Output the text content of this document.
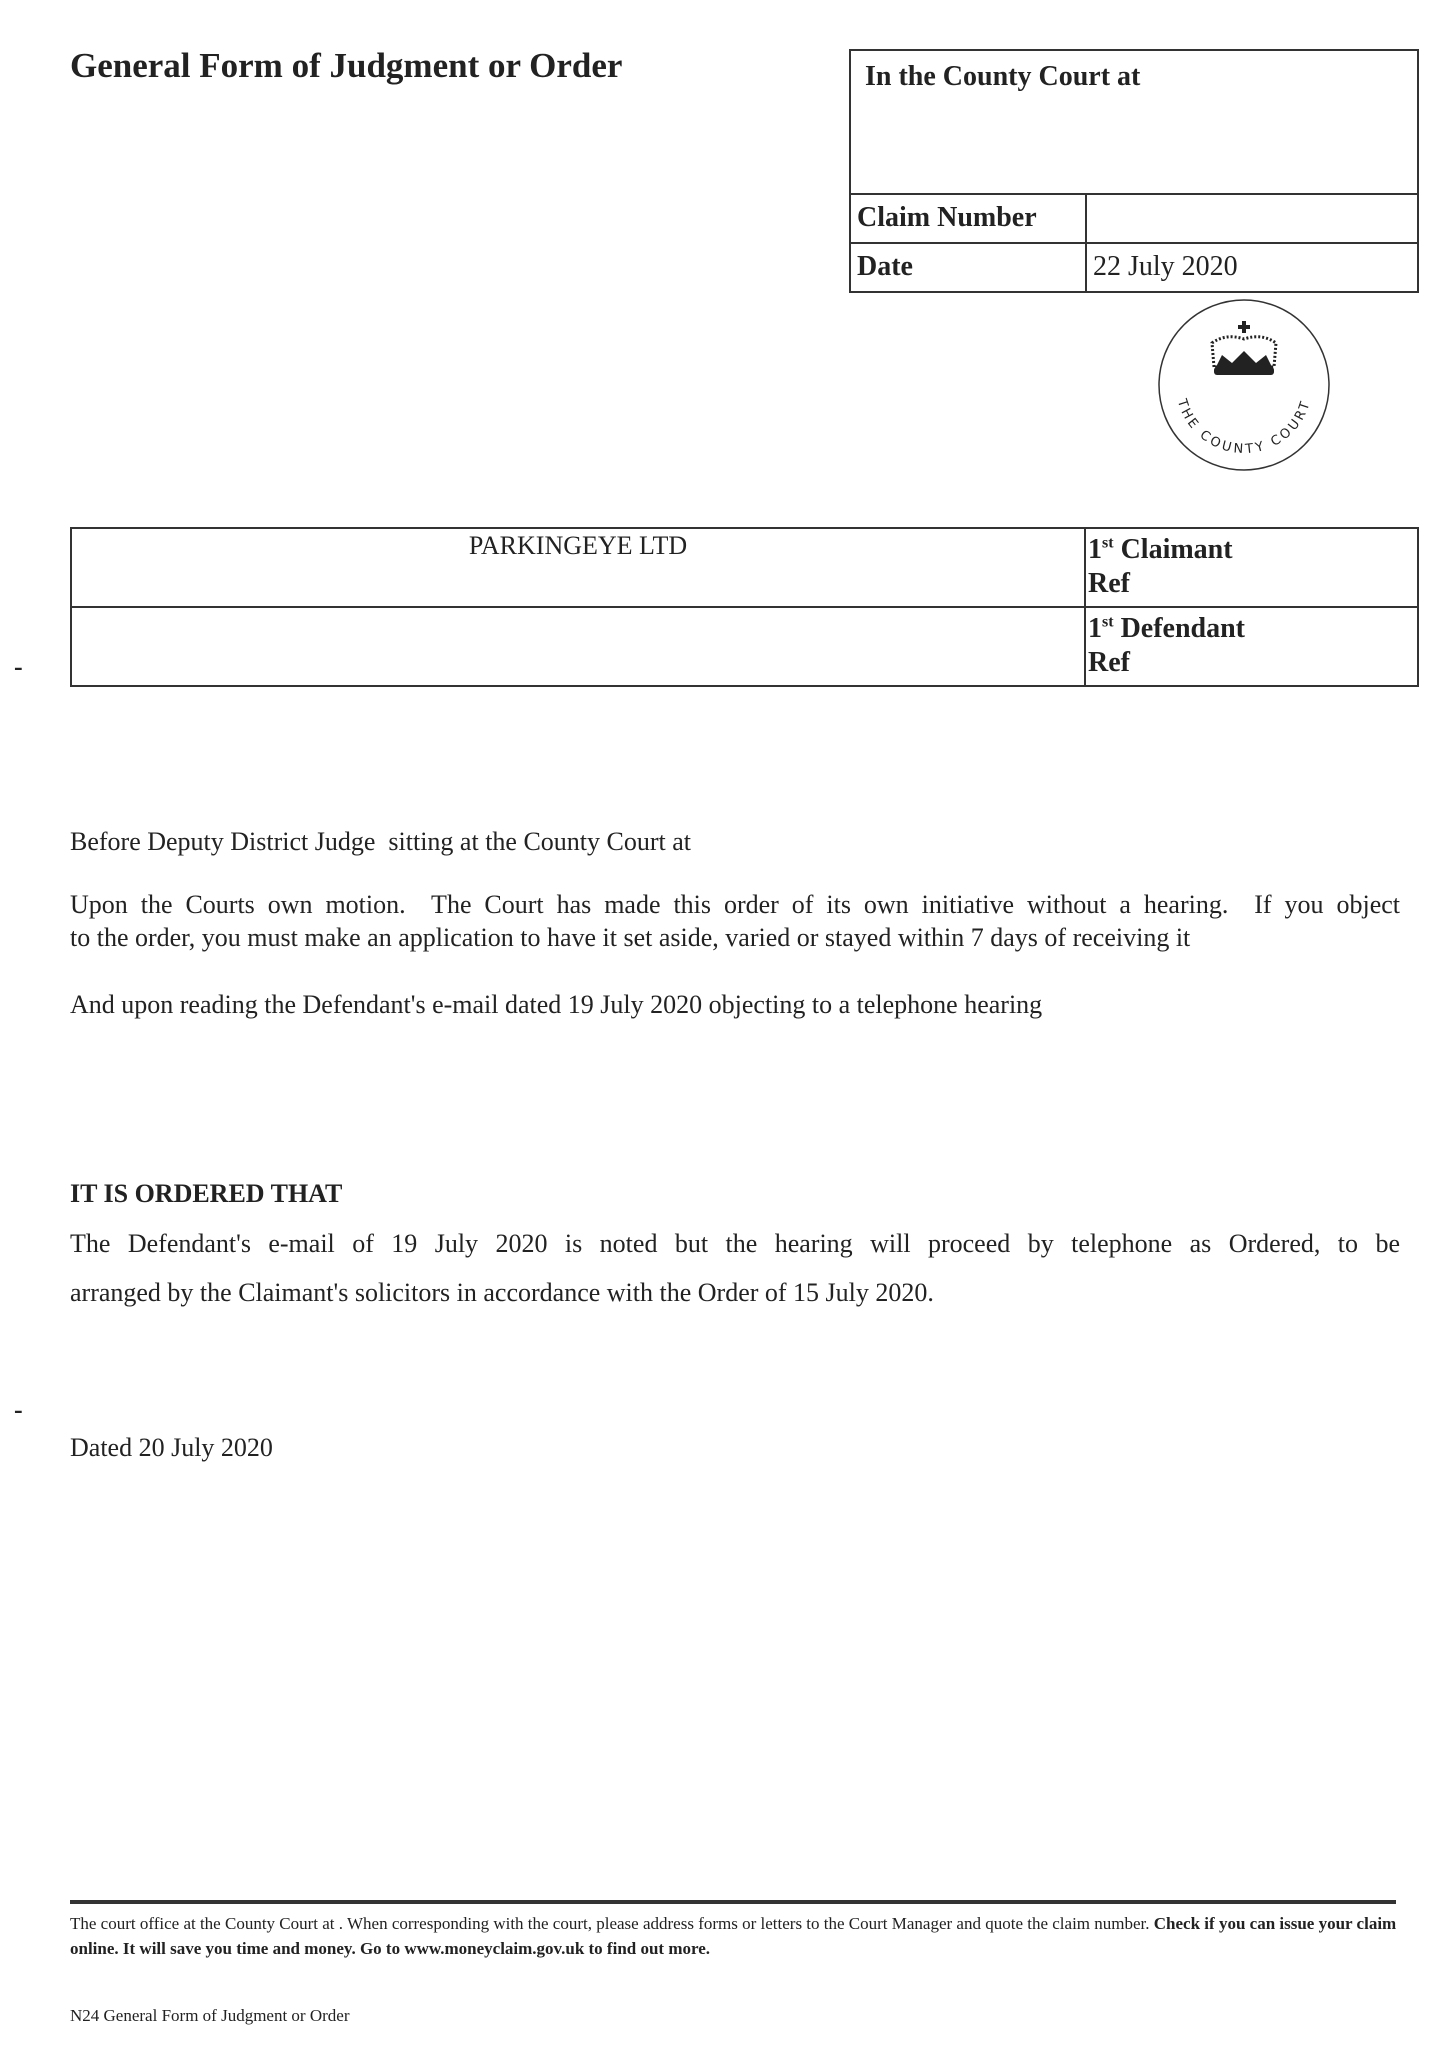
General Form of Judgment or Order	In the County Court at	
Claim Number	
Date	22 July 2020
THE COUNTY COURT
PARKINGEYE LTD	1st Claimant
Ref
	1st Defendant
Ref
-
-
Before Deputy District Judge  sitting at the County Court at
Upon the Courts own motion.  The Court has made this order of its own initiative without a hearing.  If you object
to the order, you must make an application to have it set aside, varied or stayed within 7 days of receiving it
And upon reading the Defendant's e-mail dated 19 July 2020 objecting to a telephone hearing
IT IS ORDERED THAT
The Defendant's e-mail of 19 July 2020 is noted but the hearing will proceed by telephone as Ordered, to be
arranged by the Claimant's solicitors in accordance with the Order of 15 July 2020.
Dated 20 July 2020
The court office at the County Court at . When corresponding with the court, please address forms or letters to the Court Manager and quote the claim number. Check if you can issue your claim online. It will save you time and money. Go to www.moneyclaim.gov.uk to find out more.
N24 General Form of Judgment or Order
